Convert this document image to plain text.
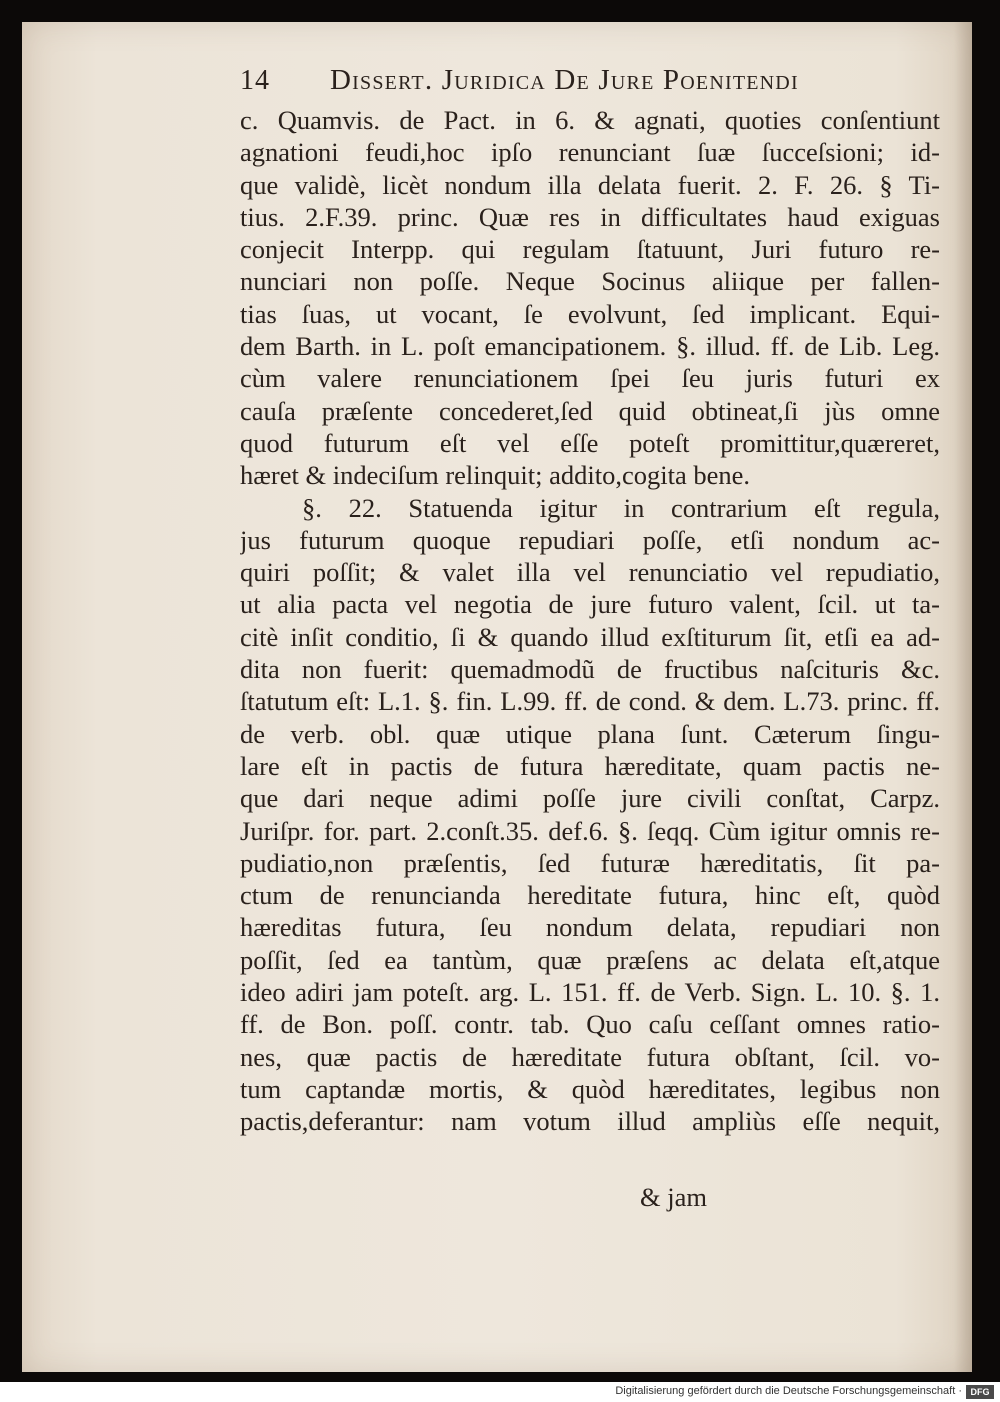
14	Dissert. Juridica De Jure Poenitendi
c. Quamvis. de Pact. in 6. & agnati, quoties conſentiunt
agnationi feudi,hoc ipſo renunciant ſuæ ſucceſsioni; id-
que validè, licèt nondum illa delata fuerit. 2. F. 26. § Ti-
tius. 2.F.39. princ. Quæ res in difficultates haud exiguas
conjecit Interpp. qui regulam ſtatuunt, Juri futuro re-
nunciari non poſſe. Neque Socinus aliique per fallen-
tias ſuas, ut vocant, ſe evolvunt, ſed implicant. Equi-
dem Barth. in L. poſt emancipationem. §. illud. ff. de Lib. Leg.
cùm valere renunciationem ſpei ſeu juris futuri ex
cauſa præſente concederet,ſed quid obtineat,ſi jùs omne
quod futurum eſt vel eſſe poteſt promittitur,quæreret,
hæret & indeciſum relinquit; addito,cogita bene.
§. 22. Statuenda igitur in contrarium eſt regula,
jus futurum quoque repudiari poſſe, etſi nondum ac-
quiri poſſit; & valet illa vel renunciatio vel repudiatio,
ut alia pacta vel negotia de jure futuro valent, ſcil. ut ta-
citè inſit conditio, ſi & quando illud exſtiturum ſit, etſi ea ad-
dita non fuerit: quemadmodũ de fructibus naſcituris &c.
ſtatutum eſt: L.1. §. fin. L.99. ff. de cond. & dem. L.73. princ. ff.
de verb. obl. quæ utique plana ſunt. Cæterum ſingu-
lare eſt in pactis de futura hæreditate, quam pactis ne-
que dari neque adimi poſſe jure civili conſtat, Carpz.
Juriſpr. for. part. 2.conſt.35. def.6. §. ſeqq. Cùm igitur omnis re-
pudiatio,non præſentis, ſed futuræ hæreditatis, ſit pa-
ctum de renuncianda hereditate futura, hinc eſt, quòd
hæreditas futura, ſeu nondum delata, repudiari non
poſſit, ſed ea tantùm, quæ præſens ac delata eſt,atque
ideo adiri jam poteſt. arg. L. 151. ff. de Verb. Sign. L. 10. §. 1.
ff. de Bon. poſſ. contr. tab. Quo caſu ceſſant omnes ratio-
nes, quæ pactis de hæreditate futura obſtant, ſcil. vo-
tum captandæ mortis, & quòd hæreditates, legibus non
pactis,deferantur: nam votum illud ampliùs eſſe nequit,
& jam
Digitalisierung gefördert durch die Deutsche Forschungsgemeinschaft · DFG
